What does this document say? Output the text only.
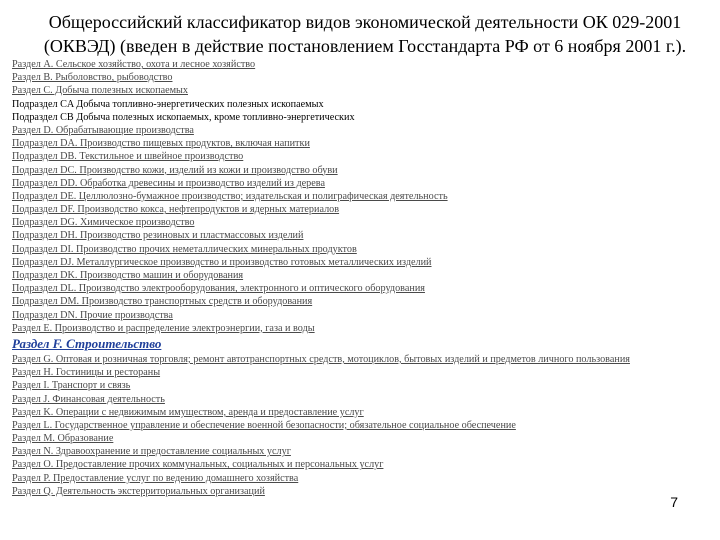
Общероссийский классификатор видов экономической деятельности ОК 029-2001 (ОКВЭД) (введен в действие постановлением Госстандарта РФ от 6 ноября 2001 г.).
Раздел A. Сельское хозяйство, охота и лесное хозяйство
Раздел B. Рыболовство, рыбоводство
Раздел C. Добыча полезных ископаемых
Подраздел CA Добыча топливно-энергетических полезных ископаемых
Подраздел CB Добыча полезных ископаемых, кроме топливно-энергетических
Раздел D. Обрабатывающие производства
Подраздел DA. Производство пищевых продуктов, включая напитки
Подраздел DB. Текстильное и швейное производство
Подраздел DC. Производство кожи, изделий из кожи и производство обуви
Подраздел DD. Обработка древесины и производство изделий из дерева
Подраздел DE. Целлюлозно-бумажное производство; издательская и полиграфическая деятельность
Подраздел DF. Производство кокса, нефтепродуктов и ядерных материалов
Подраздел DG. Химическое производство
Подраздел DH. Производство резиновых и пластмассовых изделий
Подраздел DI. Производство прочих неметаллических минеральных продуктов
Подраздел DJ. Металлургическое производство и производство готовых металлических изделий
Подраздел DK. Производство машин и оборудования
Подраздел DL. Производство электрооборудования, электронного и оптического оборудования
Подраздел DM. Производство транспортных средств и оборудования
Подраздел DN. Прочие производства
Раздел E. Производство и распределение электроэнергии, газа и воды
Раздел F. Строительство
Раздел G. Оптовая и розничная торговля; ремонт автотранспортных средств, мотоциклов, бытовых изделий и предметов личного пользования
Раздел H. Гостиницы и рестораны
Раздел I. Транспорт и связь
Раздел J. Финансовая деятельность
Раздел K. Операции с недвижимым имуществом, аренда и предоставление услуг
Раздел L. Государственное управление и обеспечение военной безопасности; обязательное социальное обеспечение
Раздел M. Образование
Раздел N. Здравоохранение и предоставление социальных услуг
Раздел O. Предоставление прочих коммунальных, социальных и персональных услуг
Раздел P. Предоставление услуг по ведению домашнего хозяйства
Раздел Q. Деятельность экстерриториальных организаций
7
